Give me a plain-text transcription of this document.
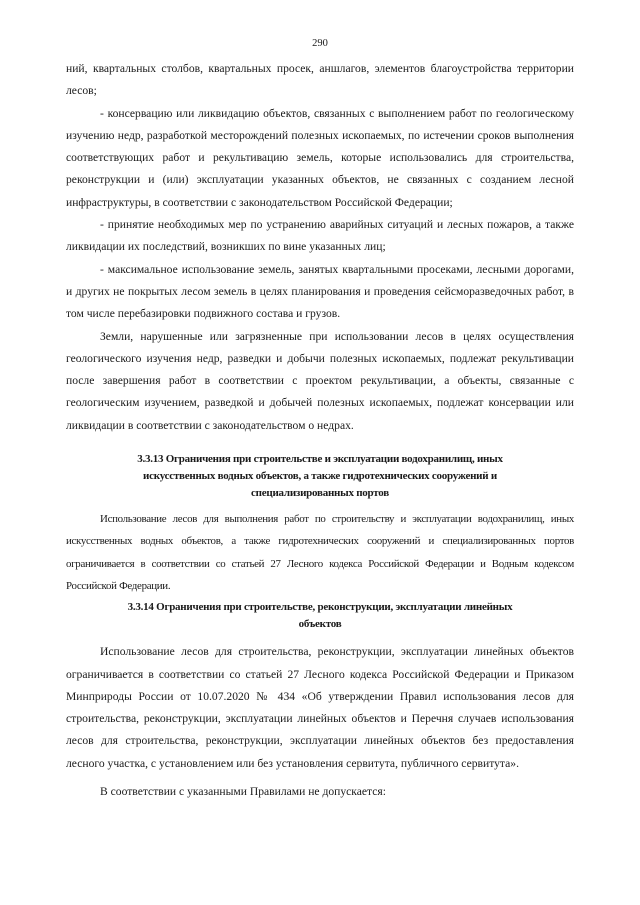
290

ний, квартальных столбов, квартальных просек, аншлагов, элементов благоустройства территории лесов;

- консервацию или ликвидацию объектов, связанных с выполнением работ по геологическому изучению недр, разработкой месторождений полезных ископаемых, по истечении сроков выполнения соответствующих работ и рекультивацию земель, которые использовались для строительства, реконструкции и (или) эксплуатации указанных объектов, не связанных с созданием лесной инфраструктуры, в соответствии с законодательством Российской Федерации;

- принятие необходимых мер по устранению аварийных ситуаций и лесных пожаров, а также ликвидации их последствий, возникших по вине указанных лиц;

- максимальное использование земель, занятых квартальными просеками, лесными дорогами, и других не покрытых лесом земель в целях планирования и проведения сейсморазведочных работ, в том числе перебазировки подвижного состава и грузов.

Земли, нарушенные или загрязненные при использовании лесов в целях осуществления геологического изучения недр, разведки и добычи полезных ископаемых, подлежат рекультивации после завершения работ в соответствии с проектом рекультивации, а объекты, связанные с геологическим изучением, разведкой и добычей полезных ископаемых, подлежат консервации или ликвидации в соответствии с законодательством о недрах.

3.3.13 Ограничения при строительстве и эксплуатации водохранилищ, иных искусственных водных объектов, а также гидротехнических сооружений и специализированных портов

Использование лесов для выполнения работ по строительству и эксплуатации водохранилищ, иных искусственных водных объектов, а также гидротехнических сооружений и специализированных портов ограничивается в соответствии со статьей 27 Лесного кодекса Российской Федерации и Водным кодексом Российской Федерации.

3.3.14 Ограничения при строительстве, реконструкции, эксплуатации линейных объектов

Использование лесов для строительства, реконструкции, эксплуатации линейных объектов ограничивается в соответствии со статьей 27 Лесного кодекса Российской Федерации и Приказом Минприроды России от 10.07.2020 № 434 «Об утверждении Правил использования лесов для строительства, реконструкции, эксплуатации линейных объектов и Перечня случаев использования лесов для строительства, реконструкции, эксплуатации линейных объектов без предоставления лесного участка, с установлением или без установления сервитута, публичного сервитута».

В соответствии с указанными Правилами не допускается:
